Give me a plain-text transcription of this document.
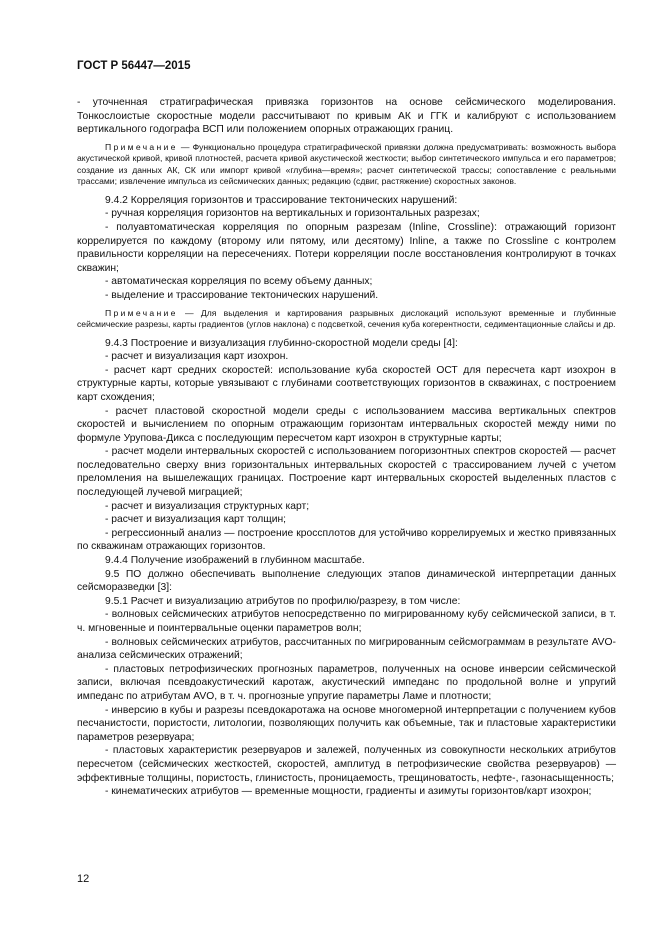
ГОСТ Р 56447—2015

- уточненная стратиграфическая привязка горизонтов на основе сейсмического моделирования. Тонкослоистые скоростные модели рассчитывают по кривым АК и ГГК и калибруют с использованием вертикального годографа ВСП или положением опорных отражающих границ.

Примечание — Функционально процедура стратиграфической привязки должна предусматривать: возможность выбора акустической кривой, кривой плотностей, расчета кривой акустической жесткости; выбор синтетического импульса и его параметров; создание из данных АК, СК или импорт кривой «глубина—время»; расчет синтетической трассы; сопоставление с реальными трассами; извлечение импульса из сейсмических данных; редакцию (сдвиг, растяжение) скоростных законов.

9.4.2 Корреляция горизонтов и трассирование тектонических нарушений:

- ручная корреляция горизонтов на вертикальных и горизонтальных разрезах;

- полуавтоматическая корреляция по опорным разрезам (Inline, Crossline): отражающий горизонт коррелируется по каждому (второму или пятому, или десятому) Inline, а также по Crossline с контролем правильности корреляции на пересечениях. Потери корреляции после восстановления контролируют в точках скважин;

- автоматическая корреляция по всему объему данных;

- выделение и трассирование тектонических нарушений.

Примечание — Для выделения и картирования разрывных дислокаций используют временные и глубинные сейсмические разрезы, карты градиентов (углов наклона) с подсветкой, сечения куба когерентности, седиментационные слайсы и др.

9.4.3 Построение и визуализация глубинно-скоростной модели среды [4]:

- расчет и визуализация карт изохрон.

- расчет карт средних скоростей: использование куба скоростей ОСТ для пересчета карт изохрон в структурные карты, которые увязывают с глубинами соответствующих горизонтов в скважинах, с построением карт схождения;

- расчет пластовой скоростной модели среды с использованием массива вертикальных спектров скоростей и вычислением по опорным отражающим горизонтам интервальных скоростей между ними по формуле Урупова-Дикса с последующим пересчетом карт изохрон в структурные карты;

- расчет модели интервальных скоростей с использованием погоризонтных спектров скоростей — расчет последовательно сверху вниз горизонтальных интервальных скоростей с трассированием лучей с учетом преломления на вышележащих границах. Построение карт интервальных скоростей выделенных пластов с последующей лучевой миграцией;

- расчет и визуализация структурных карт;

- расчет и визуализация карт толщин;

- регрессионный анализ — построение кроссплотов для устойчиво коррелируемых и жестко привязанных по скважинам отражающих горизонтов.

9.4.4 Получение изображений в глубинном масштабе.

9.5 ПО должно обеспечивать выполнение следующих этапов динамической интерпретации данных сейсморазведки [3]:

9.5.1 Расчет и визуализацию атрибутов по профилю/разрезу, в том числе:

- волновых сейсмических атрибутов непосредственно по мигрированному кубу сейсмической записи, в т. ч. мгновенные и поинтервальные оценки параметров волн;

- волновых сейсмических атрибутов, рассчитанных по мигрированным сейсмограммам в результате AVO-анализа сейсмических отражений;

- пластовых петрофизических прогнозных параметров, полученных на основе инверсии сейсмической записи, включая псевдоакустический каротаж, акустический импеданс по продольной волне и упругий импеданс по атрибутам AVO, в т. ч. прогнозные упругие параметры Ламе и плотности;

- инверсию в кубы и разрезы псевдокаротажа на основе многомерной интерпретации с получением кубов песчанистости, пористости, литологии, позволяющих получить как объемные, так и пластовые характеристики параметров резервуара;

- пластовых характеристик резервуаров и залежей, полученных из совокупности нескольких атрибутов пересчетом (сейсмических жесткостей, скоростей, амплитуд в петрофизические свойства резервуаров) — эффективные толщины, пористость, глинистость, проницаемость, трещиноватость, нефте-, газонасыщенность;

- кинематических атрибутов — временные мощности, градиенты и азимуты горизонтов/карт изохрон;

12
